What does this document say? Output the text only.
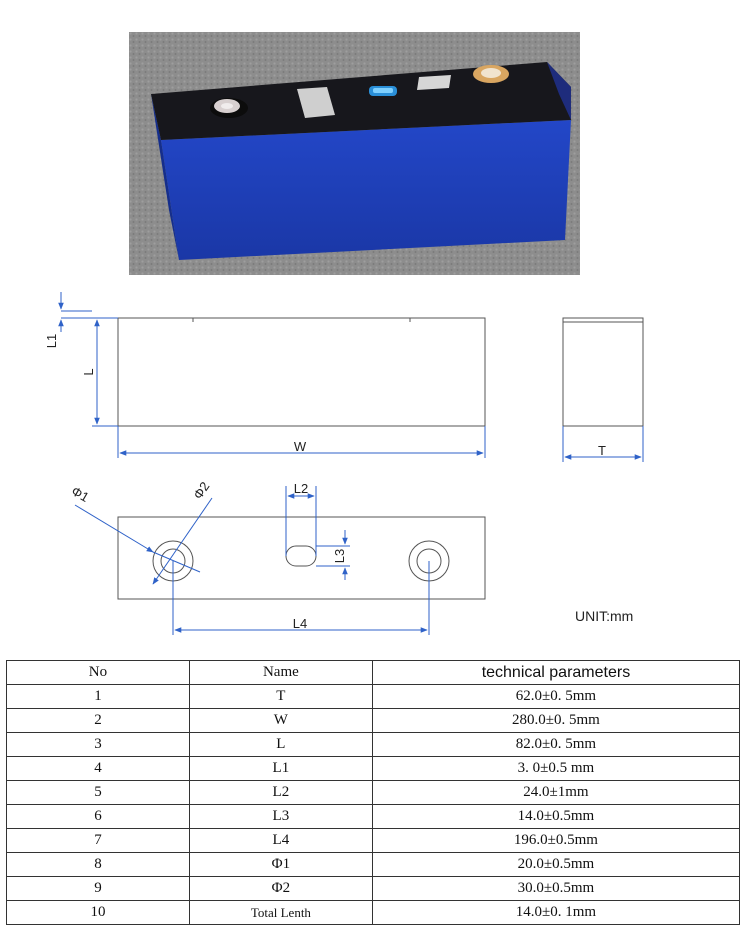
L1
L
W	T
Φ1	Φ2	L2
L3
L4	UNIT:mm
No	Name	technical parameters
1	T	62.0±0. 5mm
2	W	280.0±0. 5mm
3	L	82.0±0. 5mm
4	L1	3. 0±0.5 mm
5	L2	24.0±1mm
6	L3	14.0±0.5mm
7	L4	196.0±0.5mm
8	Φ1	20.0±0.5mm
9	Φ2	30.0±0.5mm
10	Total Lenth	14.0±0. 1mm
